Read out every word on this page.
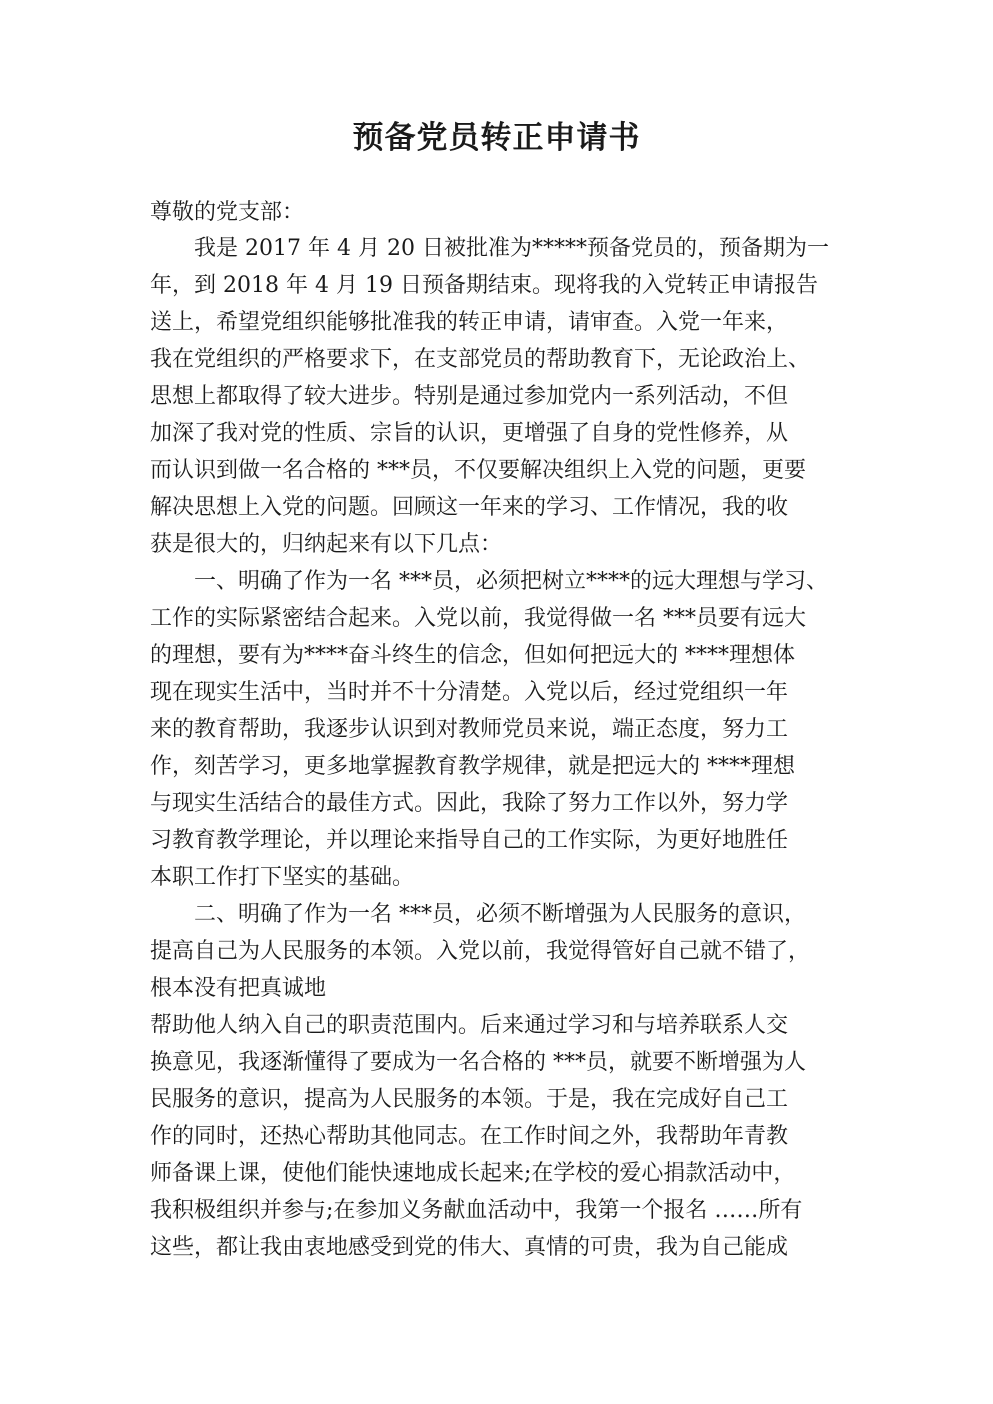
预备党员转正申请书
尊敬的党支部：
我是 2017 年 4 月 20 日被批准为*****预备党员的，预备期为一
年，到 2018 年 4 月 19 日预备期结束。现将我的入党转正申请报告
送上，希望党组织能够批准我的转正申请，请审查。入党一年来，
我在党组织的严格要求下，在支部党员的帮助教育下，无论政治上、
思想上都取得了较大进步。特别是通过参加党内一系列活动，不但
加深了我对党的性质、宗旨的认识，更增强了自身的党性修养，从
而认识到做一名合格的 ***员，不仅要解决组织上入党的问题，更要
解决思想上入党的问题。回顾这一年来的学习、工作情况，我的收
获是很大的，归纳起来有以下几点：
一、明确了作为一名 ***员，必须把树立****的远大理想与学习、
工作的实际紧密结合起来。入党以前，我觉得做一名 ***员要有远大
的理想，要有为****奋斗终生的信念，但如何把远大的 ****理想体
现在现实生活中，当时并不十分清楚。入党以后，经过党组织一年
来的教育帮助，我逐步认识到对教师党员来说，端正态度，努力工
作，刻苦学习，更多地掌握教育教学规律，就是把远大的 ****理想
与现实生活结合的最佳方式。因此，我除了努力工作以外，努力学
习教育教学理论，并以理论来指导自己的工作实际，为更好地胜任
本职工作打下坚实的基础。
二、明确了作为一名 ***员，必须不断增强为人民服务的意识，
提高自己为人民服务的本领。入党以前，我觉得管好自己就不错了，
根本没有把真诚地
帮助他人纳入自己的职责范围内。后来通过学习和与培养联系人交
换意见，我逐渐懂得了要成为一名合格的 ***员，就要不断增强为人
民服务的意识，提高为人民服务的本领。于是，我在完成好自己工
作的同时，还热心帮助其他同志。在工作时间之外，我帮助年青教
师备课上课，使他们能快速地成长起来;在学校的爱心捐款活动中，
我积极组织并参与;在参加义务献血活动中，我第一个报名 ……所有
这些，都让我由衷地感受到党的伟大、真情的可贵，我为自己能成
